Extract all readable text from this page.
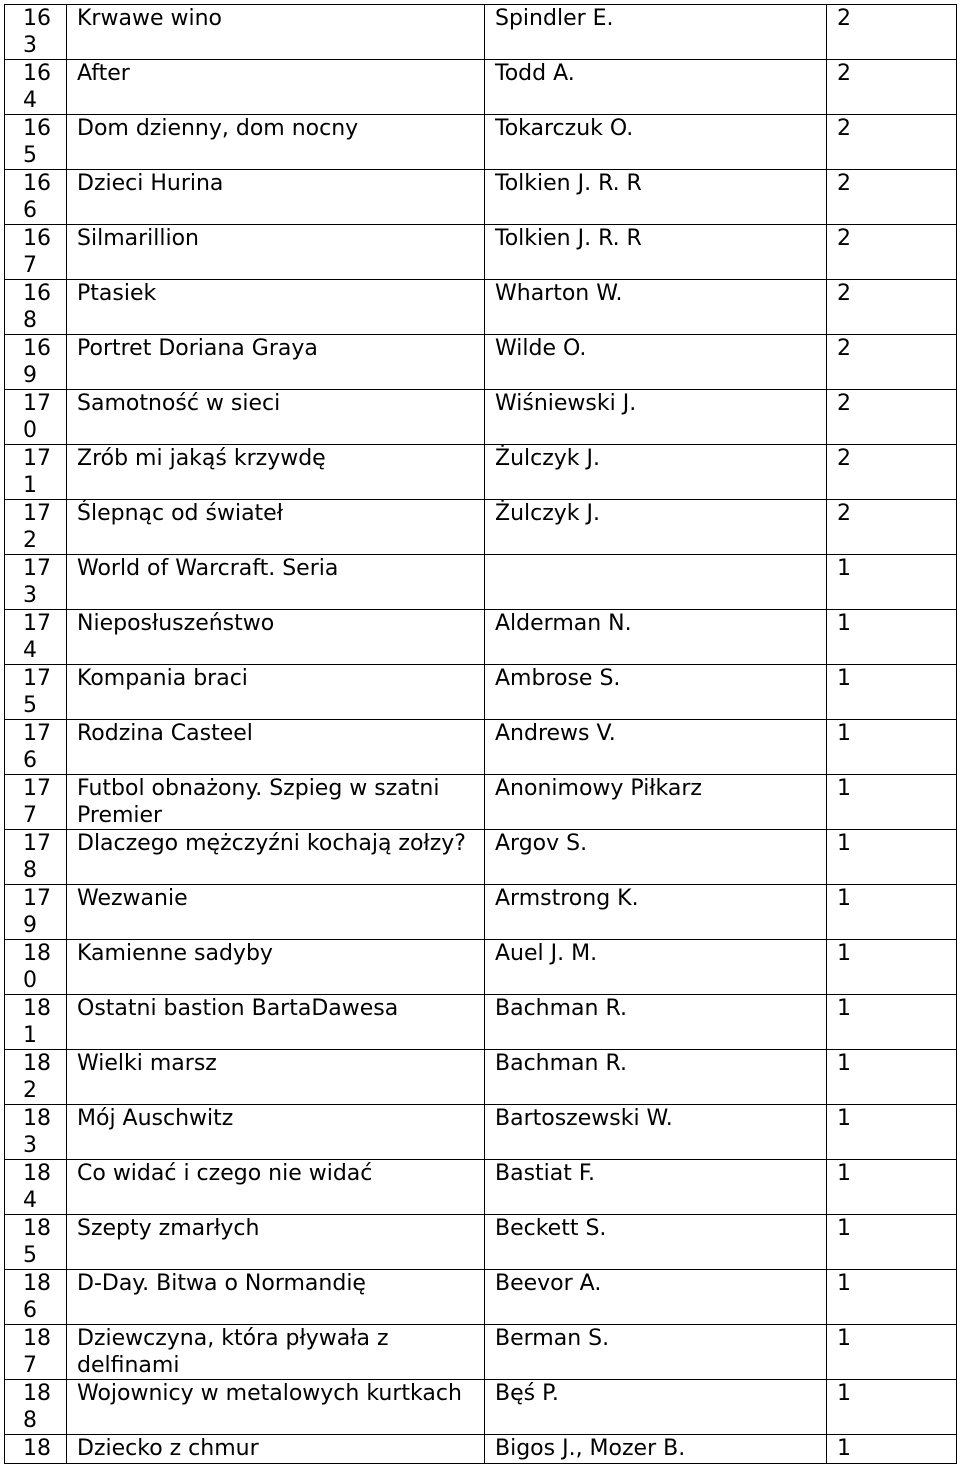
163	Krwawe wino	Spindler E.	2
164	After	Todd A.	2
165	Dom dzienny, dom nocny	Tokarczuk O.	2
166	Dzieci Hurina	Tolkien J. R. R	2
167	Silmarillion	Tolkien J. R. R	2
168	Ptasiek	Wharton W.	2
169	Portret Doriana Graya	Wilde O.	2
170	Samotność w sieci	Wiśniewski J.	2
171	Zrób mi jakąś krzywdę	Żulczyk J.	2
172	Ślepnąc od świateł	Żulczyk J.	2
173	World of Warcraft. Seria		1
174	Nieposłuszeństwo	Alderman N.	1
175	Kompania braci	Ambrose S.	1
176	Rodzina Casteel	Andrews V.	1
177	Futbol obnażony. Szpieg w szatni Premier	Anonimowy Piłkarz	1
178	Dlaczego mężczyźni kochają zołzy?	Argov S.	1
179	Wezwanie	Armstrong K.	1
180	Kamienne sadyby	Auel J. M.	1
181	Ostatni bastion BartaDawesa	Bachman R.	1
182	Wielki marsz	Bachman R.	1
183	Mój Auschwitz	Bartoszewski W.	1
184	Co widać i czego nie widać	Bastiat F.	1
185	Szepty zmarłych	Beckett S.	1
186	D-Day. Bitwa o Normandię	Beevor A.	1
187	Dziewczyna, która pływała z delfinami	Berman S.	1
188	Wojownicy w metalowych kurtkach	Bęś P.	1
18	Dziecko z chmur	Bigos J., Mozer B.	1
